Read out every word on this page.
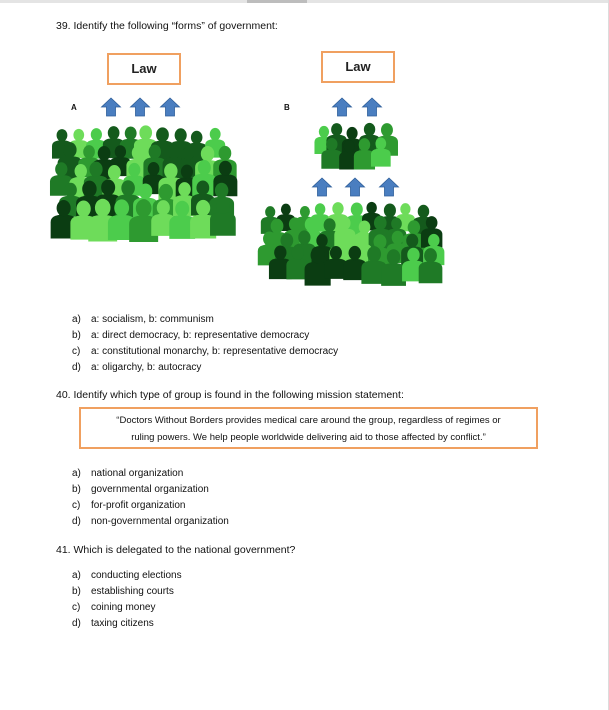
39. Identify the following “forms” of government:
Law	Law
A	B
a) a: socialism, b: communism
b) a: direct democracy, b: representative democracy
c) a: constitutional monarchy, b: representative democracy
d) a: oligarchy, b: autocracy
40. Identify which type of group is found in the following mission statement:
“Doctors Without Borders provides medical care around the group, regardless of regimes or
ruling powers. We help people worldwide delivering aid to those affected by conflict.”
a) national organization
b) governmental organization
c) for-profit organization
d) non-governmental organization
41. Which is delegated to the national government?
a) conducting elections
b) establishing courts
c) coining money
d) taxing citizens
